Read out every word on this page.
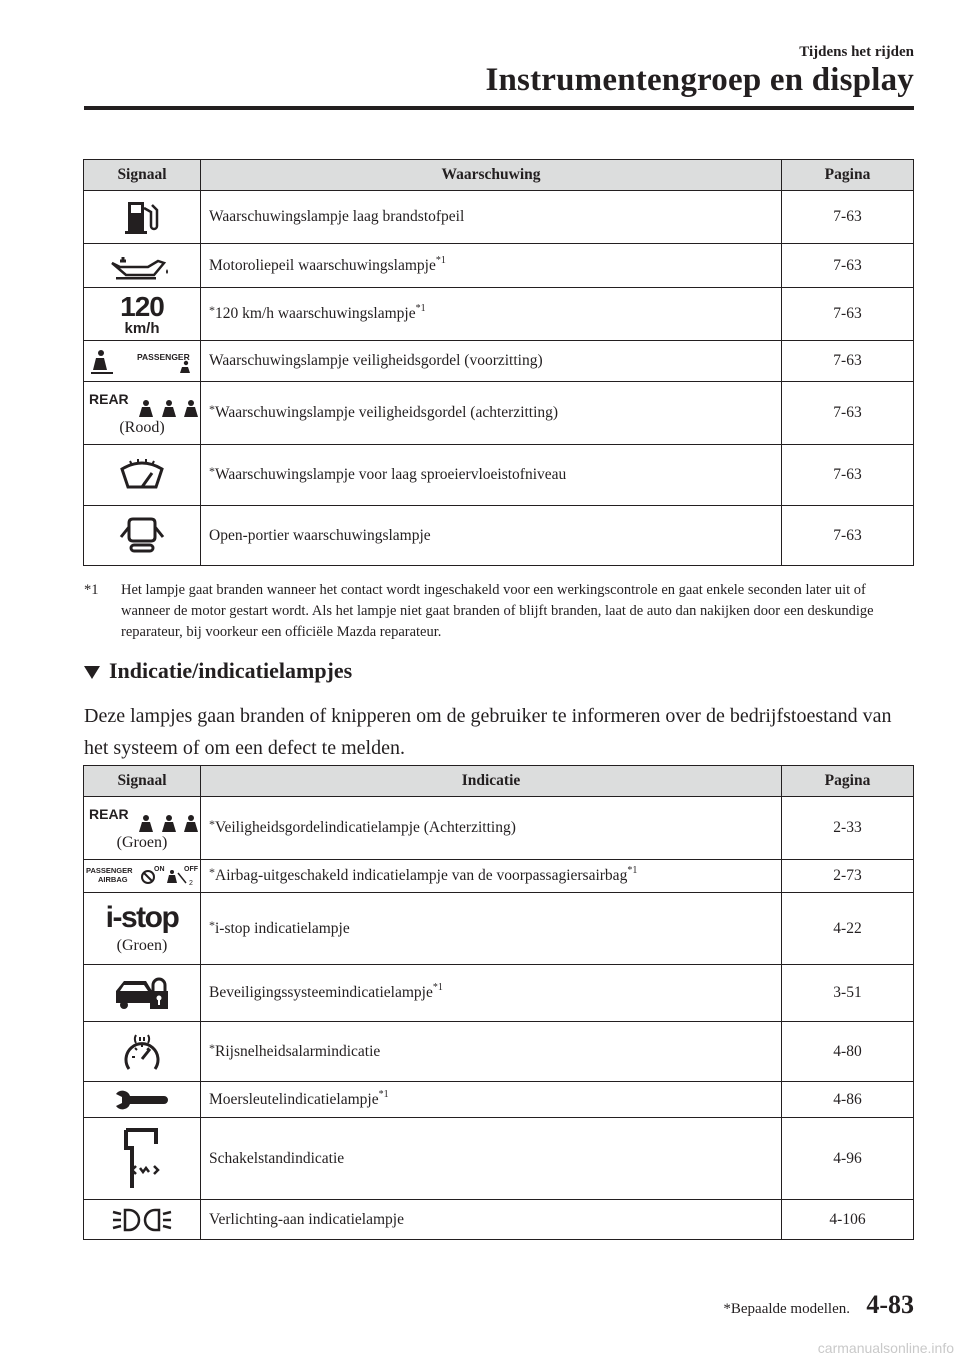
Tijdens het rijden
Instrumentengroep en display
Signaal	Waarschuwing	Pagina

	Waarschuwingslampje laag brandstofpeil	7-63

	Motoroliepeil waarschuwingslampje$^{*1}$	7-63

120
km/h	*120 km/h waarschuwingslampje$^{*1}$	7-63

PASSENGER	Waarschuwingslampje veiligheidsgordel (voorzitting)	7-63

REAR
(Rood)	*Waarschuwingslampje veiligheidsgordel (achterzitting)	7-63

	*Waarschuwingslampje voor laag sproeiervloeistofniveau	7-63

	Open-portier waarschuwingslampje	7-63
*1 Het lampje gaat branden wanneer het contact wordt ingeschakeld voor een werkingscontrole en gaat enkele seconden later uit of wanneer de motor gestart wordt. Als het lampje niet gaat branden of blijft branden, laat de auto dan nakijken door een deskundige reparateur, bij voorkeur een officiële Mazda reparateur.
Indicatie/indicatielampjes
Deze lampjes gaan branden of knipperen om de gebruiker te informeren over de bedrijfstoestand van het systeem of om een defect te melden.
Signaal	Indicatie	Pagina

REAR
(Groen)	*Veiligheidsgordelindicatielampje (Achterzitting)	2-33

PASSENGER
AIRBAG
ON OFF
2	*Airbag-uitgeschakeld indicatielampje van de voorpassagiersairbag$^{*1}$	2-73

i-stop
(Groen)	*i-stop indicatielampje	4-22

	Beveiligingssysteemindicatielampje$^{*1}$	3-51

	*Rijsnelheidsalarmindicatie	4-80

	Moersleutelindicatielampje$^{*1}$	4-86

	Schakelstandindicatie	4-96

	Verlichting-aan indicatielampje	4-106
*Bepaalde modellen. 4-83
carmanualsonline.info
